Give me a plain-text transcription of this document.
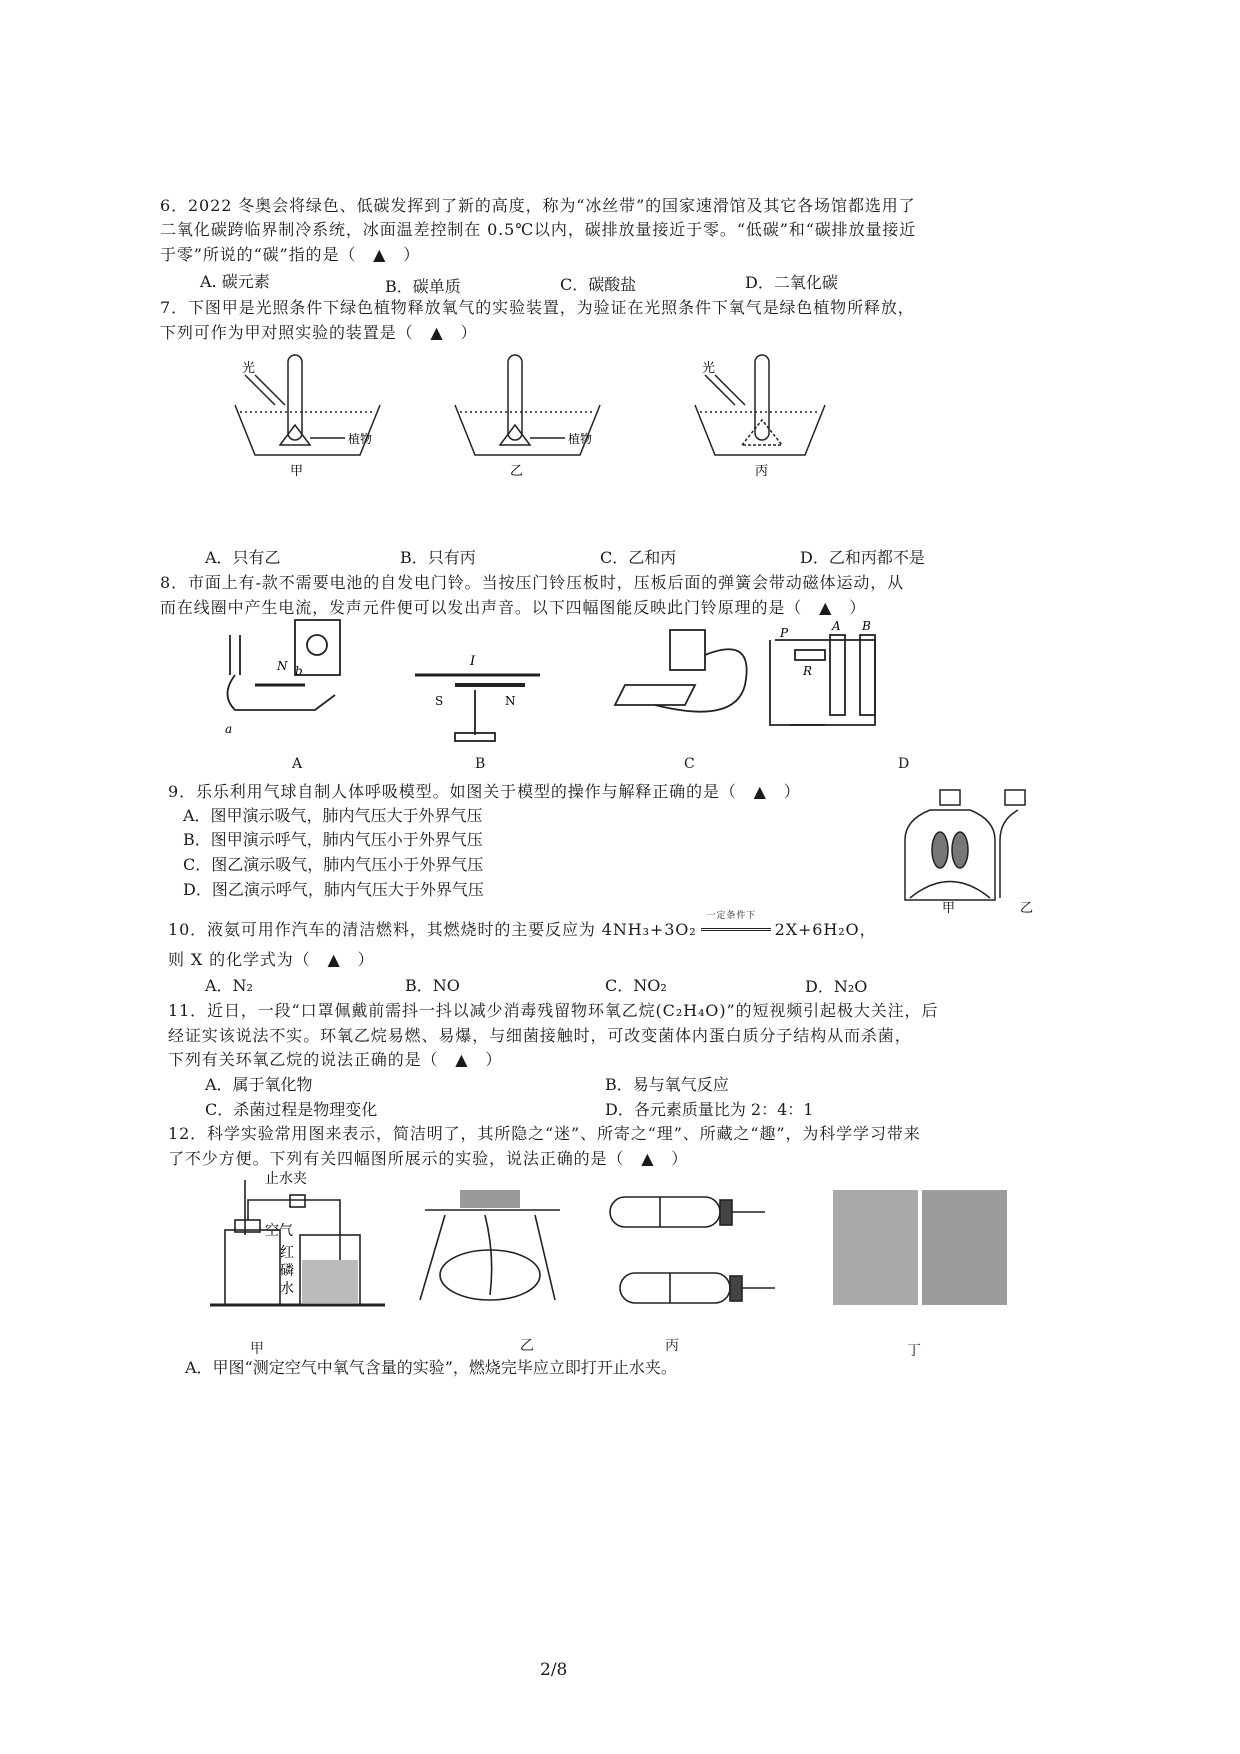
6．2022 冬奥会将绿色、低碳发挥到了新的高度，称为“冰丝带”的国家速滑馆及其它各场馆都选用了
二氧化碳跨临界制冷系统，冰面温差控制在 0.5℃以内，碳排放量接近于零。“低碳”和“碳排放量接近
于零”所说的“碳”指的是（　▲　）
A. 碳元素	B．碳单质	C．碳酸盐	D．二氧化碳
7．下图甲是光照条件下绿色植物释放氧气的实验装置，为验证在光照条件下氧气是绿色植物所释放，
下列可作为甲对照实验的装置是（　▲　）
光
植物	植物
光
甲	乙	丙
A．只有乙	B．只有丙	C．乙和丙	D．乙和丙都不是
8．市面上有-款不需要电池的自发电门铃。当按压门铃压板时，压板后面的弹簧会带动磁体运动，从
而在线圈中产生电流，发声元件便可以发出声音。以下四幅图能反映此门铃原理的是（　▲　）
N b
a
I
S	N
P
R
A B
A	B	C	D
9．乐乐利用气球自制人体呼吸模型。如图关于模型的操作与解释正确的是（　▲　）
A．图甲演示吸气，肺内气压大于外界气压
B．图甲演示呼气，肺内气压小于外界气压
C．图乙演示吸气，肺内气压小于外界气压
D．图乙演示呼气，肺内气压大于外界气压
甲	乙
10．液氨可用作汽车的清洁燃料，其燃烧时的主要反应为 4NH₃+3O₂
一定条件下
2X+6H₂O，
则 X 的化学式为（　▲　）
A．N₂	B．NO	C．NO₂	D．N₂O
11．近日，一段“口罩佩戴前需抖一抖以减少消毒残留物环氧乙烷(C₂H₄O)”的短视频引起极大关注，后
经证实该说法不实。环氧乙烷易燃、易爆，与细菌接触时，可改变菌体内蛋白质分子结构从而杀菌，
下列有关环氧乙烷的说法正确的是（　▲　）
A．属于氧化物	B．易与氧气反应
C．杀菌过程是物理变化	D．各元素质量比为 2：4：1
12．科学实验常用图来表示，简洁明了，其所隐之“迷”、所寄之“理”、所藏之“趣”，为科学学习带来
了不少方便。下列有关四幅图所展示的实验，说法正确的是（　▲　）
止水夹
空气
红
磷
水
甲	乙	丙	丁
A．甲图“测定空气中氧气含量的实验”，燃烧完毕应立即打开止水夹。
2/8
